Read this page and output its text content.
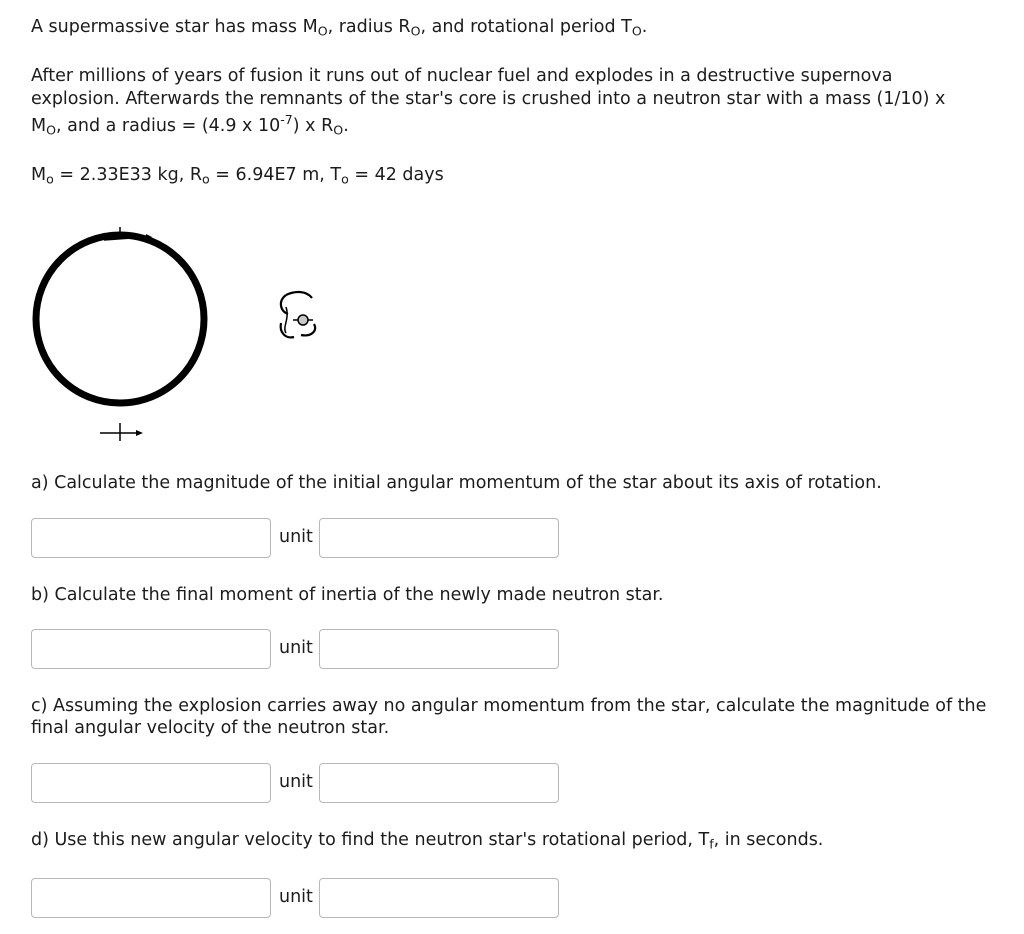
A supermassive star has mass $M_O$, radius $R_O$, and rotational period $T_O$.
After millions of years of fusion it runs out of nuclear fuel and explodes in a destructive supernova
explosion. Afterwards the remnants of the star's core is crushed into a neutron star with a mass (1/10) x
$M_O$, and a radius = (4.9 x $10^{-7}$) x $R_O$.
$M_o = 2.33E33$ kg, $R_o = 6.94E7$ m, $T_o = 42$ days
a) Calculate the magnitude of the initial angular momentum of the star about its axis of rotation.
unit
b) Calculate the final moment of inertia of the newly made neutron star.
unit
c) Assuming the explosion carries away no angular momentum from the star, calculate the magnitude of the
final angular velocity of the neutron star.
unit
d) Use this new angular velocity to find the neutron star's rotational period, $T_f$, in seconds.
unit
